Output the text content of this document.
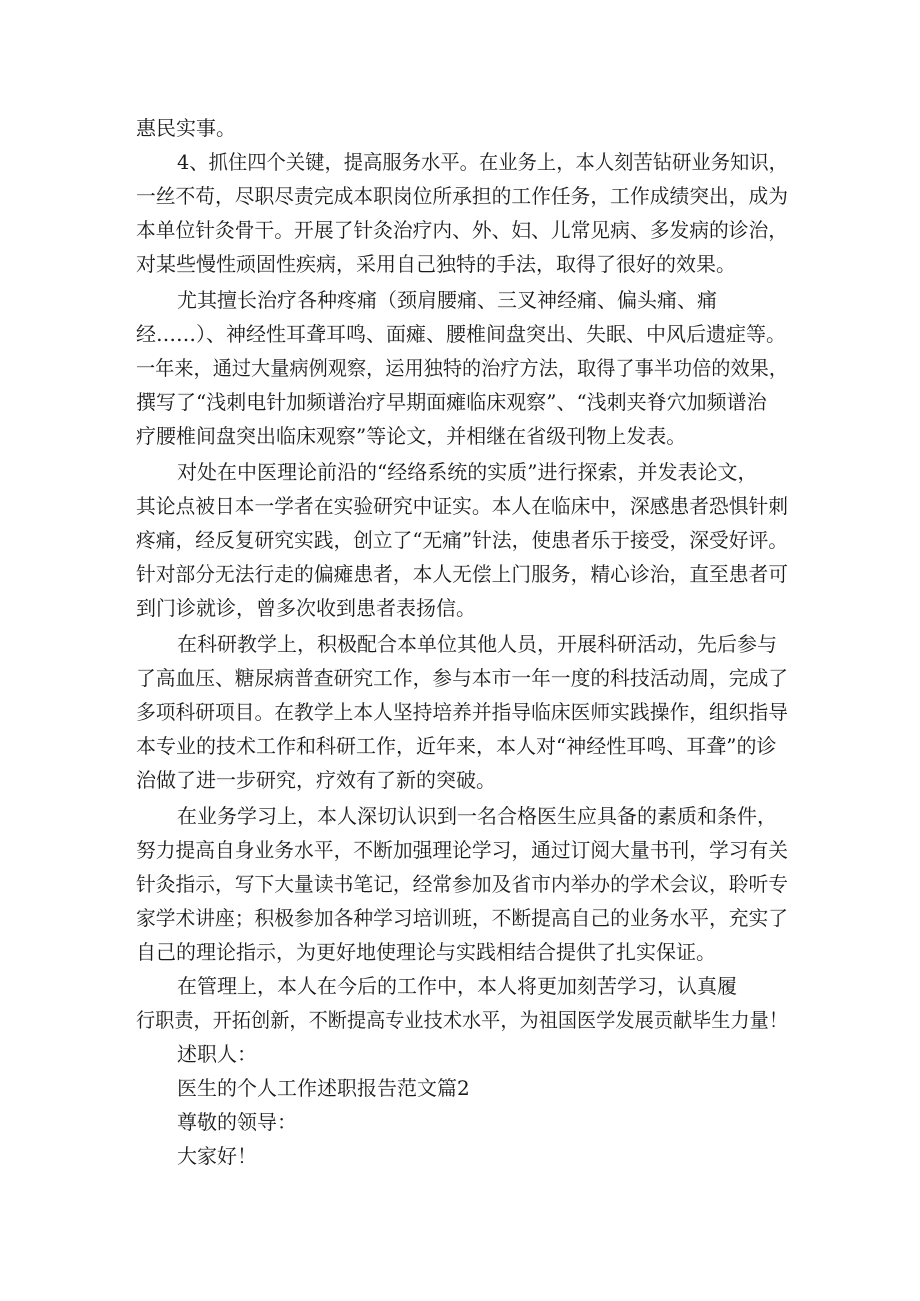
惠民实事。
4、抓住四个关键，提高服务水平。在业务上，本人刻苦钻研业务知识，
一丝不苟，尽职尽责完成本职岗位所承担的工作任务，工作成绩突出，成为
本单位针灸骨干。开展了针灸治疗内、外、妇、儿常见病、多发病的诊治，
对某些慢性顽固性疾病，采用自己独特的手法，取得了很好的效果。
尤其擅长治疗各种疼痛（颈肩腰痛、三叉神经痛、偏头痛、痛
经……）、神经性耳聋耳鸣、面瘫、腰椎间盘突出、失眠、中风后遗症等。
一年来，通过大量病例观察，运用独特的治疗方法，取得了事半功倍的效果，
撰写了“浅刺电针加频谱治疗早期面瘫临床观察”、“浅刺夹脊穴加频谱治
疗腰椎间盘突出临床观察”等论文，并相继在省级刊物上发表。
对处在中医理论前沿的“经络系统的实质”进行探索，并发表论文，
其论点被日本一学者在实验研究中证实。本人在临床中，深感患者恐惧针刺
疼痛，经反复研究实践，创立了“无痛”针法，使患者乐于接受，深受好评。
针对部分无法行走的偏瘫患者，本人无偿上门服务，精心诊治，直至患者可
到门诊就诊，曾多次收到患者表扬信。
在科研教学上，积极配合本单位其他人员，开展科研活动，先后参与
了高血压、糖尿病普查研究工作，参与本市一年一度的科技活动周，完成了
多项科研项目。在教学上本人坚持培养并指导临床医师实践操作，组织指导
本专业的技术工作和科研工作，近年来，本人对“神经性耳鸣、耳聋”的诊
治做了进一步研究，疗效有了新的突破。
在业务学习上，本人深切认识到一名合格医生应具备的素质和条件，
努力提高自身业务水平，不断加强理论学习，通过订阅大量书刊，学习有关
针灸指示，写下大量读书笔记，经常参加及省市内举办的学术会议，聆听专
家学术讲座；积极参加各种学习培训班，不断提高自己的业务水平，充实了
自己的理论指示，为更好地使理论与实践相结合提供了扎实保证。
在管理上，本人在今后的工作中，本人将更加刻苦学习，认真履
行职责，开拓创新，不断提高专业技术水平，为祖国医学发展贡献毕生力量！
述职人：
医生的个人工作述职报告范文篇2
尊敬的领导：
大家好！
